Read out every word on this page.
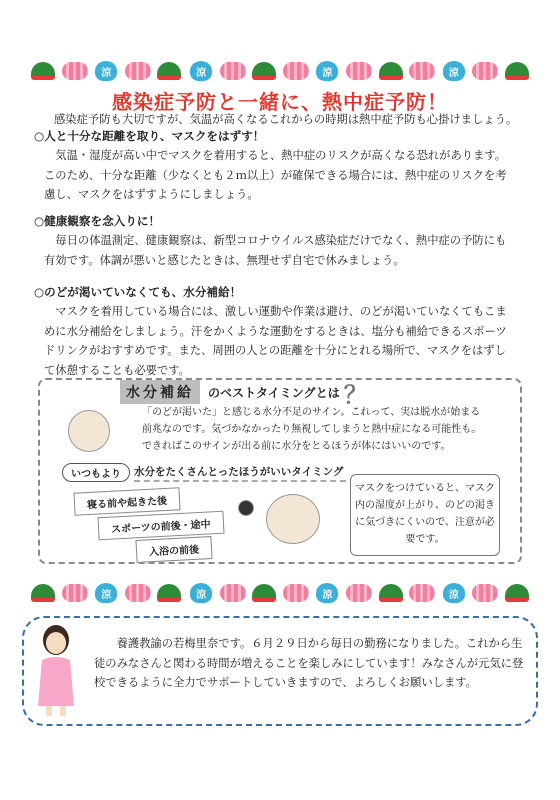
涼	涼	涼	涼
感染症予防と一緒に、熱中症予防！
感染症予防も大切ですが、気温が高くなるこれからの時期は熱中症予防も心掛けましょう。
○人と十分な距離を取り、マスクをはずす！
気温・湿度が高い中でマスクを着用すると、熱中症のリスクが高くなる恐れがあります。このため、十分な距離（少なくとも２ｍ以上）が確保できる場合には、熱中症のリスクを考慮し、マスクをはずすようにしましょう。
○健康観察を念入りに！
毎日の体温測定、健康観察は、新型コロナウイルス感染症だけでなく、熱中症の予防にも有効です。体調が悪いと感じたときは、無理せず自宅で休みましょう。
○のどが渇いていなくても、水分補給！
マスクを着用している場合には、激しい運動や作業は避け、のどが渇いていなくてもこまめに水分補給をしましょう。汗をかくような運動をするときは、塩分も補給できるスポーツドリンクがおすすめです。また、周囲の人との距離を十分にとれる場所で、マスクをはずして休憩することも必要です。
水分補給	のベストタイミングとは ？
「のどが渇いた」と感じる水分不足のサイン。これって、実は脱水が始まる前兆なのです。気づかなかったり無視してしまうと熱中症になる可能性も。できればこのサインが出る前に水分をとるほうが体にはいいのです。
いつもより	水分をたくさんとったほうがいいタイミング
寝る前や起きた後
スポーツの前後・途中
入浴の前後
マスクをつけていると、マスク内の湿度が上がり、のどの渇きに気づきにくいので、注意が必要です。
涼	涼	涼	涼
養護教諭の若梅里奈です。６月２９日から毎日の勤務になりました。これから生徒のみなさんと関わる時間が増えることを楽しみにしています！みなさんが元気に登校できるように全力でサポートしていきますので、よろしくお願いします。
